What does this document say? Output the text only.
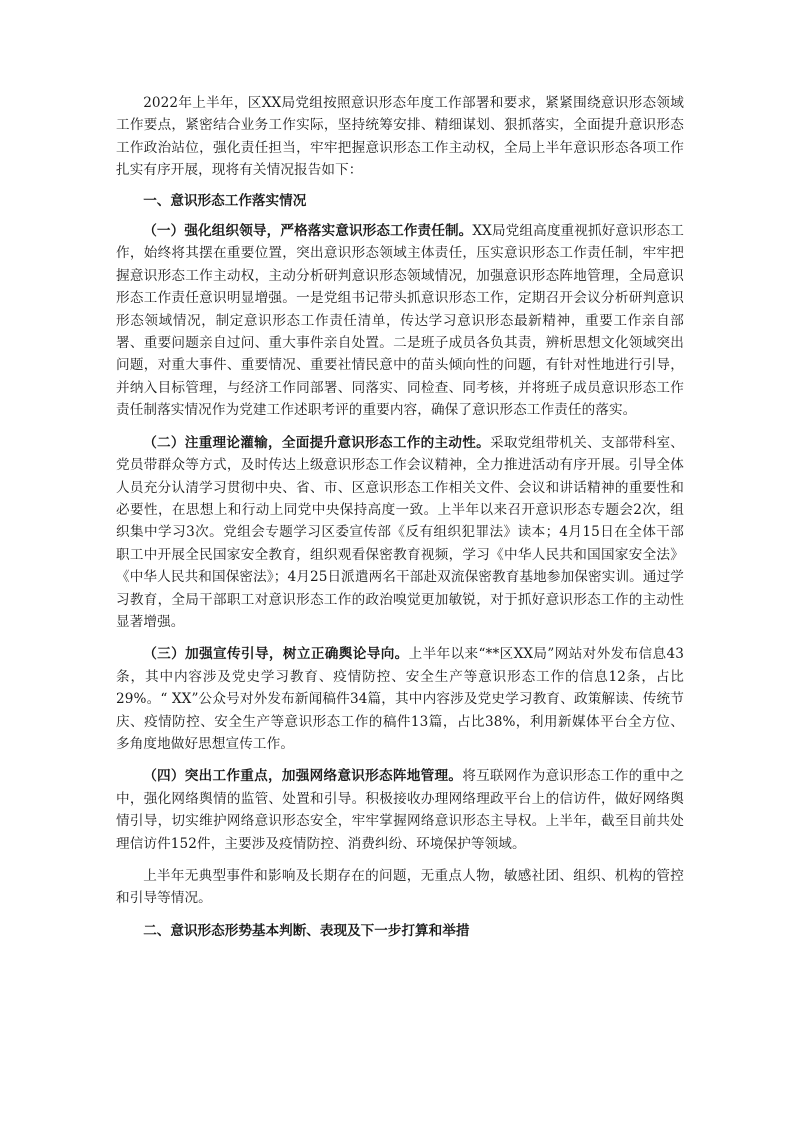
2022年上半年，区XX局党组按照意识形态年度工作部署和要求，紧紧围绕意识形态领域工作要点，紧密结合业务工作实际，坚持统筹安排、精细谋划、狠抓落实，全面提升意识形态工作政治站位，强化责任担当，牢牢把握意识形态工作主动权，全局上半年意识形态各项工作扎实有序开展，现将有关情况报告如下：

一、意识形态工作落实情况

（一）强化组织领导，严格落实意识形态工作责任制。XX局党组高度重视抓好意识形态工作，始终将其摆在重要位置，突出意识形态领域主体责任，压实意识形态工作责任制，牢牢把握意识形态工作主动权，主动分析研判意识形态领域情况，加强意识形态阵地管理，全局意识形态工作责任意识明显增强。一是党组书记带头抓意识形态工作，定期召开会议分析研判意识形态领域情况，制定意识形态工作责任清单，传达学习意识形态最新精神，重要工作亲自部署、重要问题亲自过问、重大事件亲自处置。二是班子成员各负其责，辨析思想文化领域突出问题，对重大事件、重要情况、重要社情民意中的苗头倾向性的问题，有针对性地进行引导，并纳入目标管理，与经济工作同部署、同落实、同检查、同考核，并将班子成员意识形态工作责任制落实情况作为党建工作述职考评的重要内容，确保了意识形态工作责任的落实。

（二）注重理论灌输，全面提升意识形态工作的主动性。采取党组带机关、支部带科室、党员带群众等方式，及时传达上级意识形态工作会议精神，全力推进活动有序开展。引导全体人员充分认清学习贯彻中央、省、市、区意识形态工作相关文件、会议和讲话精神的重要性和必要性，在思想上和行动上同党中央保持高度一致。上半年以来召开意识形态专题会2次，组织集中学习3次。党组会专题学习区委宣传部《反有组织犯罪法》读本；4月15日在全体干部职工中开展全民国家安全教育，组织观看保密教育视频，学习《中华人民共和国国家安全法》《中华人民共和国保密法》；4月25日派遣两名干部赴双流保密教育基地参加保密实训。通过学习教育，全局干部职工对意识形态工作的政治嗅觉更加敏锐，对于抓好意识形态工作的主动性显著增强。

（三）加强宣传引导，树立正确舆论导向。上半年以来“**区XX局”网站对外发布信息43条，其中内容涉及党史学习教育、疫情防控、安全生产等意识形态工作的信息12条，占比29%。“ XX”公众号对外发布新闻稿件34篇，其中内容涉及党史学习教育、政策解读、传统节庆、疫情防控、安全生产等意识形态工作的稿件13篇，占比38%，利用新媒体平台全方位、多角度地做好思想宣传工作。

（四）突出工作重点，加强网络意识形态阵地管理。将互联网作为意识形态工作的重中之中，强化网络舆情的监管、处置和引导。积极接收办理网络理政平台上的信访件，做好网络舆情引导，切实维护网络意识形态安全，牢牢掌握网络意识形态主导权。上半年，截至目前共处理信访件152件，主要涉及疫情防控、消费纠纷、环境保护等领域。

上半年无典型事件和影响及长期存在的问题，无重点人物，敏感社团、组织、机构的管控和引导等情况。

二、意识形态形势基本判断、表现及下一步打算和举措
